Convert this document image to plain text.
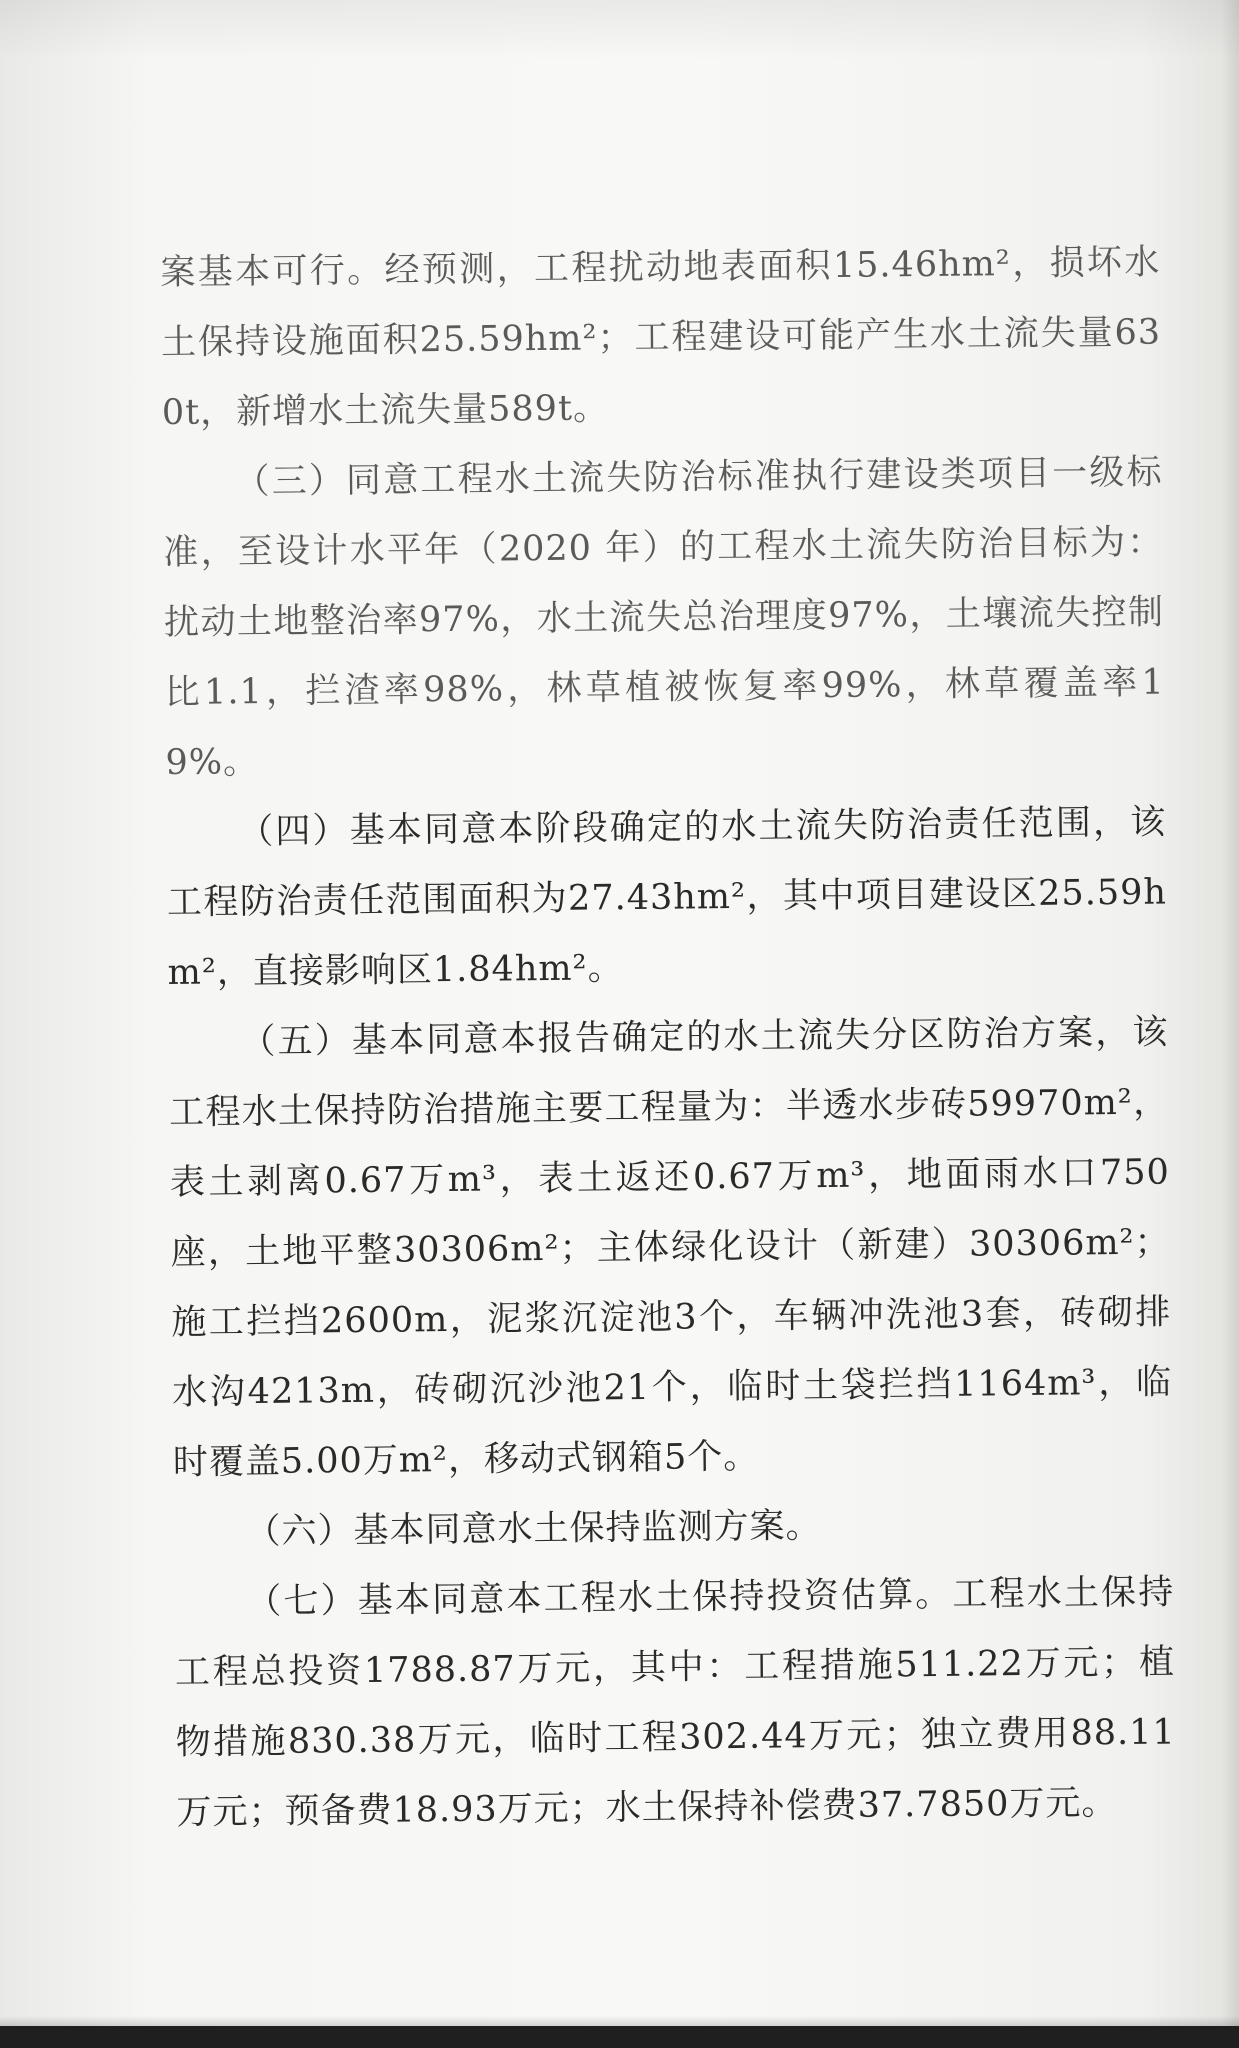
案基本可行。经预测，工程扰动地表面积15.46hm²，损坏水土保持设施面积25.59hm²；工程建设可能产生水土流失量630t，新增水土流失量589t。

（三）同意工程水土流失防治标准执行建设类项目一级标准，至设计水平年（2020 年）的工程水土流失防治目标为：扰动土地整治率97%，水土流失总治理度97%，土壤流失控制比1.1，拦渣率98%，林草植被恢复率99%，林草覆盖率19%。

（四）基本同意本阶段确定的水土流失防治责任范围，该工程防治责任范围面积为27.43hm²，其中项目建设区25.59hm²，直接影响区1.84hm²。

（五）基本同意本报告确定的水土流失分区防治方案，该工程水土保持防治措施主要工程量为：半透水步砖59970m²，表土剥离0.67万m³，表土返还0.67万m³，地面雨水口750座，土地平整30306m²；主体绿化设计（新建）30306m²；施工拦挡2600m，泥浆沉淀池3个，车辆冲洗池3套，砖砌排水沟4213m，砖砌沉沙池21个，临时土袋拦挡1164m³，临时覆盖5.00万m²，移动式钢箱5个。

（六）基本同意水土保持监测方案。

（七）基本同意本工程水土保持投资估算。工程水土保持工程总投资1788.87万元，其中：工程措施511.22万元；植物措施830.38万元，临时工程302.44万元；独立费用88.11万元；预备费18.93万元；水土保持补偿费37.7850万元。
